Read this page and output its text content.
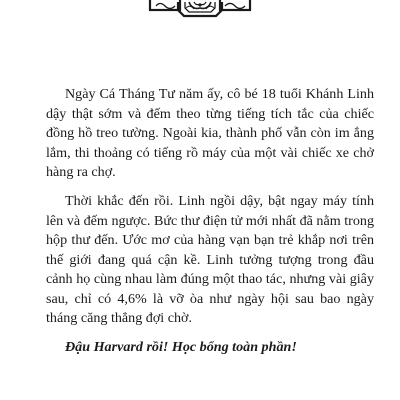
Ngày Cá Tháng Tư năm ấy, cô bé 18 tuổi Khánh Linh dậy thật sớm và đếm theo từng tiếng tích tắc của chiếc đồng hồ treo tường. Ngoài kia, thành phố vẫn còn im ắng lắm, thi thoảng có tiếng rồ máy của một vài chiếc xe chở hàng ra chợ.

Thời khắc đến rồi. Linh ngồi dậy, bật ngay máy tính lên và đếm ngược. Bức thư điện tử mới nhất đã nằm trong hộp thư đến. Ước mơ của hàng vạn bạn trẻ khắp nơi trên thế giới đang quá cận kề. Linh tưởng tượng trong đầu cảnh họ cùng nhau làm đúng một thao tác, nhưng vài giây sau, chỉ có 4,6% là vỡ òa như ngày hội sau bao ngày tháng căng thẳng đợi chờ.

Đậu Harvard rồi! Học bổng toàn phần!
